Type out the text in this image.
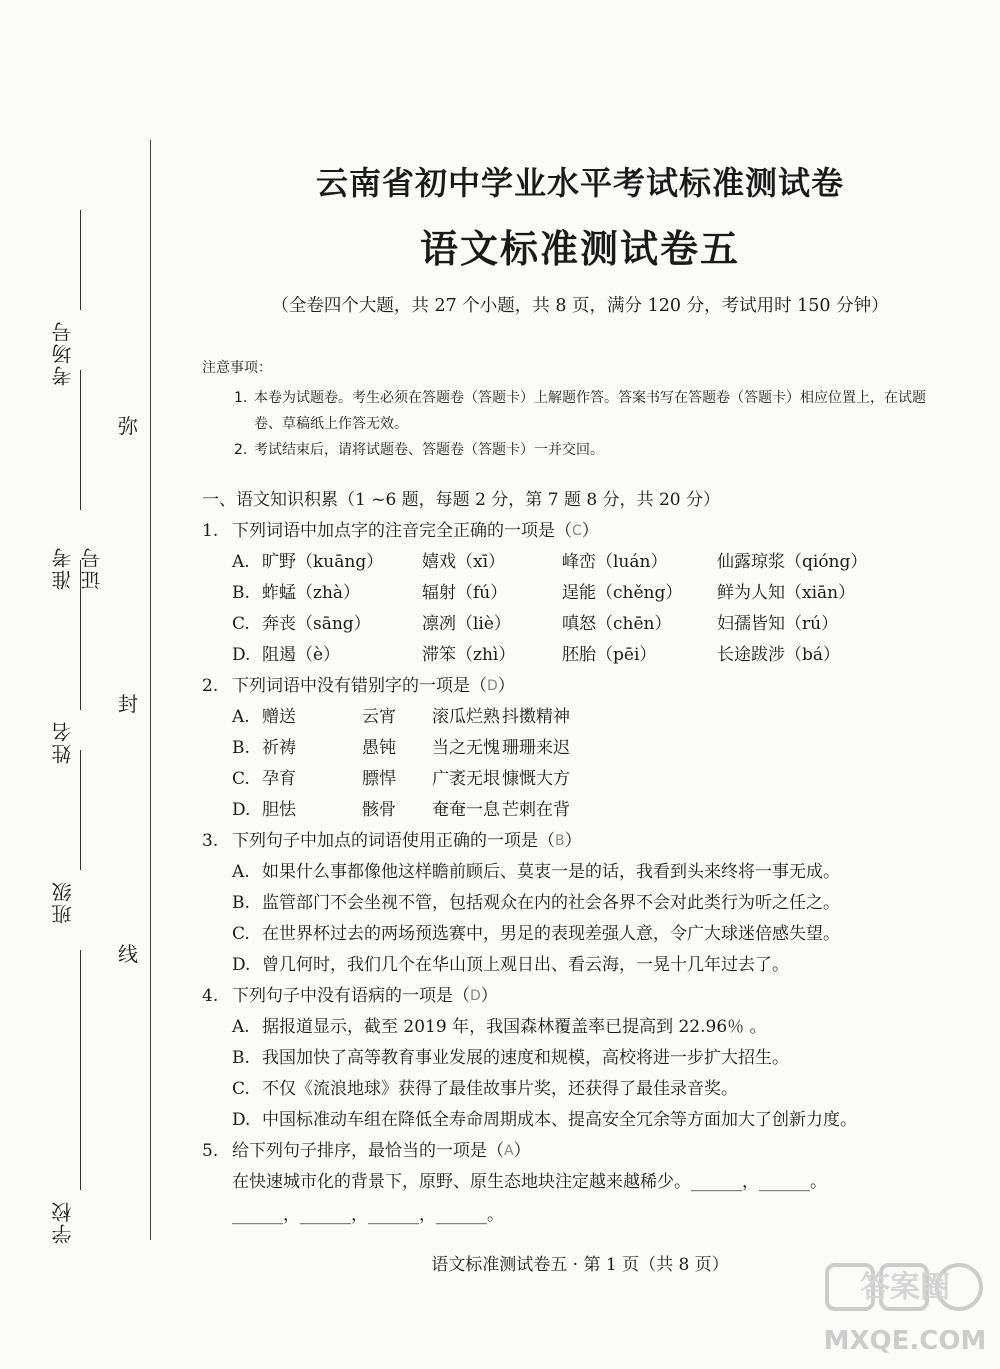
考场号
准考证号
姓名
班级
学校
弥
封
线
云南省初中学业水平考试标准测试卷
语文标准测试卷五
（全卷四个大题，共 27 个小题，共 8 页，满分 120 分，考试用时 150 分钟）
注意事项：
1. 本卷为试题卷。考生必须在答题卷（答题卡）上解题作答。答案书写在答题卷（答题卡）相应位置上，在试题卷、草稿纸上作答无效。
2. 考试结束后，请将试题卷、答题卷（答题卡）一并交回。
一、语文知识积累（1 ~6 题，每题 2 分，第 7 题 8 分，共 20 分）
1. 下列词语中加点字的注音完全正确的一项是（ C ）
A. 旷野（kuāng）	嬉戏（xī）	峰峦（luán）	仙露琼浆（qióng）
B. 蚱蜢（zhà）	辐射（fú）	逞能（chěng）	鲜为人知（xiān）
C. 奔丧（sāng）	凛冽（liè）	嗔怒（chēn）	妇孺皆知（rú）
D. 阻遏（è）	滞笨（zhì）	胚胎（pēi）	长途跋涉（bá）
2. 下列词语中没有错别字的一项是（ D ）
A. 赠送	云宵	滚瓜烂熟 抖擞精神
B. 祈祷	愚钝	当之无愧 珊珊来迟
C. 孕育	膘悍	广袤无垠 慷慨大方
D. 胆怯	骸骨	奄奄一息 芒刺在背
3. 下列句子中加点的词语使用正确的一项是（ B ）
A. 如果什么事都像他这样瞻前顾后、莫衷一是的话，我看到头来终将一事无成。
B. 监管部门不会坐视不管，包括观众在内的社会各界不会对此类行为听之任之。
C. 在世界杯过去的两场预选赛中，男足的表现差强人意，令广大球迷倍感失望。
D. 曾几何时，我们几个在华山顶上观日出、看云海，一晃十几年过去了。
4. 下列句子中没有语病的一项是（ D ）
A. 据报道显示，截至 2019 年，我国森林覆盖率已提高到 22.96％ 。
B. 我国加快了高等教育事业发展的速度和规模，高校将进一步扩大招生。
C. 不仅《流浪地球》获得了最佳故事片奖，还获得了最佳录音奖。
D. 中国标准动车组在降低全寿命周期成本、提高安全冗余等方面加大了创新力度。
5. 给下列句子排序，最恰当的一项是（ A ）
在快速城市化的背景下，原野、原生态地块注定越来越稀少。______，______。
______，______，______，______。
语文标准测试卷五 · 第 1 页（共 8 页）
MXQE.COM
答案圈
